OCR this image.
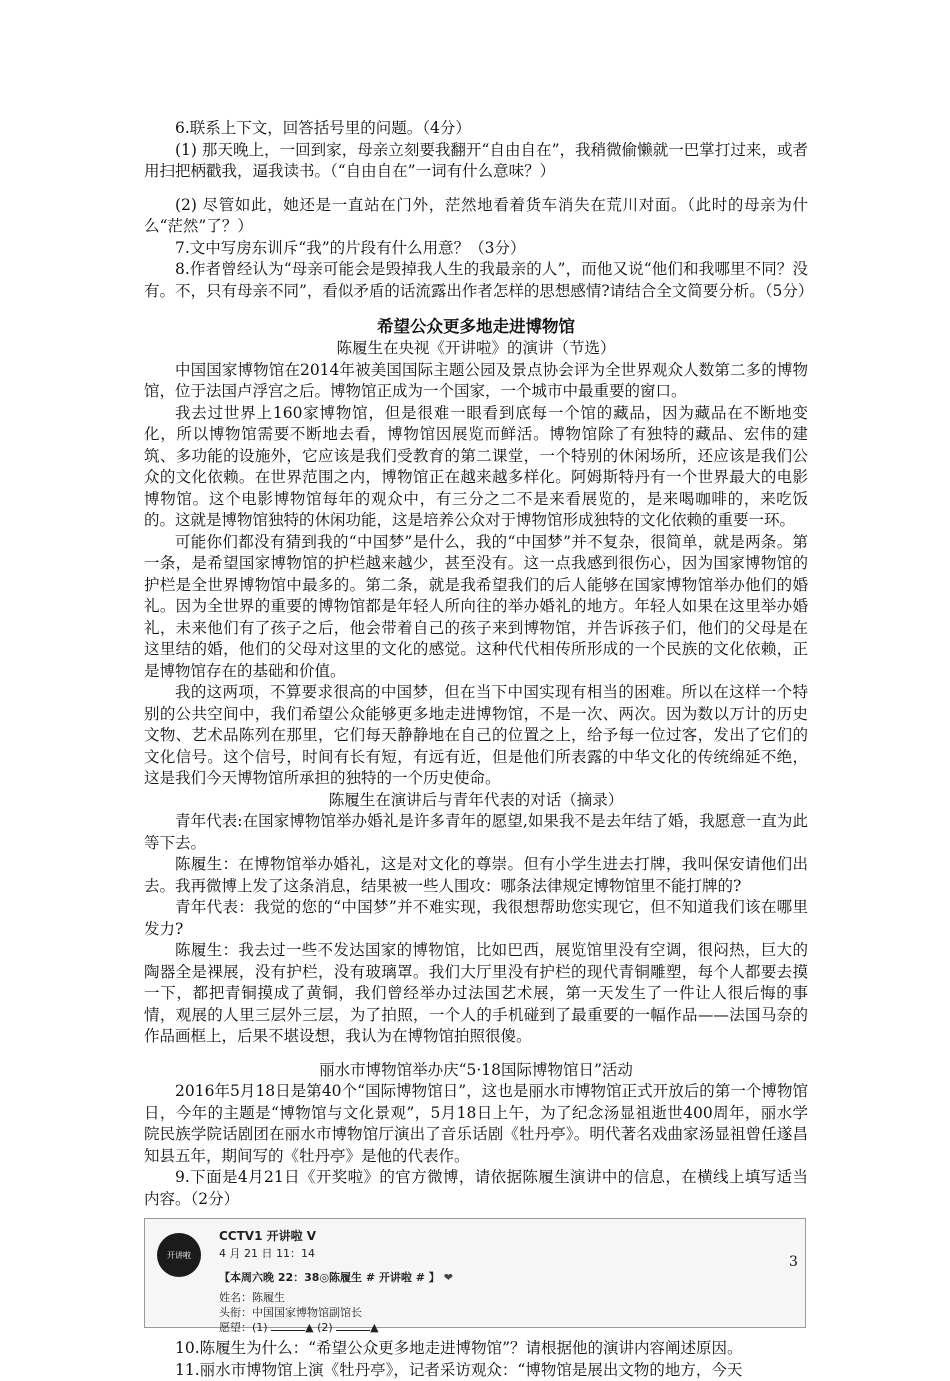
6.联系上下文，回答括号里的问题。（4分）

(1) 那天晚上，一回到家，母亲立刻要我翻开“自由自在”，我稍微偷懒就一巴掌打过来，或者用扫把柄戳我，逼我读书。（“自由自在”一词有什么意味？）

(2) 尽管如此，她还是一直站在门外，茫然地看着货车消失在荒川对面。（此时的母亲为什么“茫然”了？）

7.文中写房东训斥“我”的片段有什么用意？（3分）

8.作者曾经认为“母亲可能会是毁掉我人生的我最亲的人”，而他又说“他们和我哪里不同？没有。不，只有母亲不同”，看似矛盾的话流露出作者怎样的思想感情?请结合全文简要分析。（5分）

希望公众更多地走进博物馆

陈履生在央视《开讲啦》的演讲（节选）

中国国家博物馆在2014年被美国国际主题公园及景点协会评为全世界观众人数第二多的博物馆，位于法国卢浮宫之后。博物馆正成为一个国家，一个城市中最重要的窗口。

我去过世界上160家博物馆，但是很难一眼看到底每一个馆的藏品，因为藏品在不断地变化，所以博物馆需要不断地去看，博物馆因展览而鲜活。博物馆除了有独特的藏品、宏伟的建筑、多功能的设施外，它应该是我们受教育的第二课堂，一个特别的休闲场所，还应该是我们公众的文化依赖。在世界范围之内，博物馆正在越来越多样化。阿姆斯特丹有一个世界最大的电影博物馆。这个电影博物馆每年的观众中，有三分之二不是来看展览的，是来喝咖啡的，来吃饭的。这就是博物馆独特的休闲功能，这是培养公众对于博物馆形成独特的文化依赖的重要一环。

可能你们都没有猜到我的“中国梦”是什么，我的“中国梦”并不复杂，很简单，就是两条。第一条，是希望国家博物馆的护栏越来越少，甚至没有。这一点我感到很伤心，因为国家博物馆的护栏是全世界博物馆中最多的。第二条，就是我希望我们的后人能够在国家博物馆举办他们的婚礼。因为全世界的重要的博物馆都是年轻人所向往的举办婚礼的地方。年轻人如果在这里举办婚礼，未来他们有了孩子之后，他会带着自己的孩子来到博物馆，并告诉孩子们，他们的父母是在这里结的婚，他们的父母对这里的文化的感觉。这种代代相传所形成的一个民族的文化依赖，正是博物馆存在的基础和价值。

我的这两项，不算要求很高的中国梦，但在当下中国实现有相当的困难。所以在这样一个特别的公共空间中，我们希望公众能够更多地走进博物馆，不是一次、两次。因为数以万计的历史文物、艺术品陈列在那里，它们每天静静地在自己的位置之上，给予每一位过客，发出了它们的文化信号。这个信号，时间有长有短，有远有近，但是他们所表露的中华文化的传统绵延不绝，这是我们今天博物馆所承担的独特的一个历史使命。

陈履生在演讲后与青年代表的对话（摘录）

青年代表:在国家博物馆举办婚礼是许多青年的愿望,如果我不是去年结了婚，我愿意一直为此等下去。

陈履生：在博物馆举办婚礼，这是对文化的尊崇。但有小学生进去打牌，我叫保安请他们出去。我再微博上发了这条消息，结果被一些人围攻：哪条法律规定博物馆里不能打牌的?

青年代表：我觉的您的“中国梦”并不难实现，我很想帮助您实现它，但不知道我们该在哪里发力?

陈履生：我去过一些不发达国家的博物馆，比如巴西，展览馆里没有空调，很闷热，巨大的陶器全是裸展，没有护栏，没有玻璃罩。我们大厅里没有护栏的现代青铜雕塑，每个人都要去摸一下，都把青铜摸成了黄铜，我们曾经举办过法国艺术展，第一天发生了一件让人很后悔的事情，观展的人里三层外三层，为了拍照，一个人的手机碰到了最重要的一幅作品——法国马奈的作品画框上，后果不堪设想，我认为在博物馆拍照很傻。

丽水市博物馆举办庆“5·18国际博物馆日”活动

2016年5月18日是第40个“国际博物馆日”，这也是丽水市博物馆正式开放后的第一个博物馆日，今年的主题是“博物馆与文化景观”，5月18日上午，为了纪念汤显祖逝世400周年，丽水学院民族学院话剧团在丽水市博物馆厅演出了音乐话剧《牡丹亭》。明代著名戏曲家汤显祖曾任遂昌知县五年，期间写的《牡丹亭》是他的代表作。

9.下面是4月21日《开奖啦》的官方微博，请依据陈履生演讲中的信息，在横线上填写适当内容。（2分）

开讲啦
CCTV1 开讲啦 V
4 月 21 日 11：14
【本周六晚 22：38◎陈履生 # 开讲啦 # 】 ❤
姓名：陈履生
头衔：中国国家博物馆副馆长
愿望：(1)	▲ (2)	▲

10.陈履生为什么：“希望公众更多地走进博物馆”？请根据他的演讲内容阐述原因。

11.丽水市博物馆上演《牡丹亭》，记者采访观众：“博物馆是展出文物的地方，今天

3
